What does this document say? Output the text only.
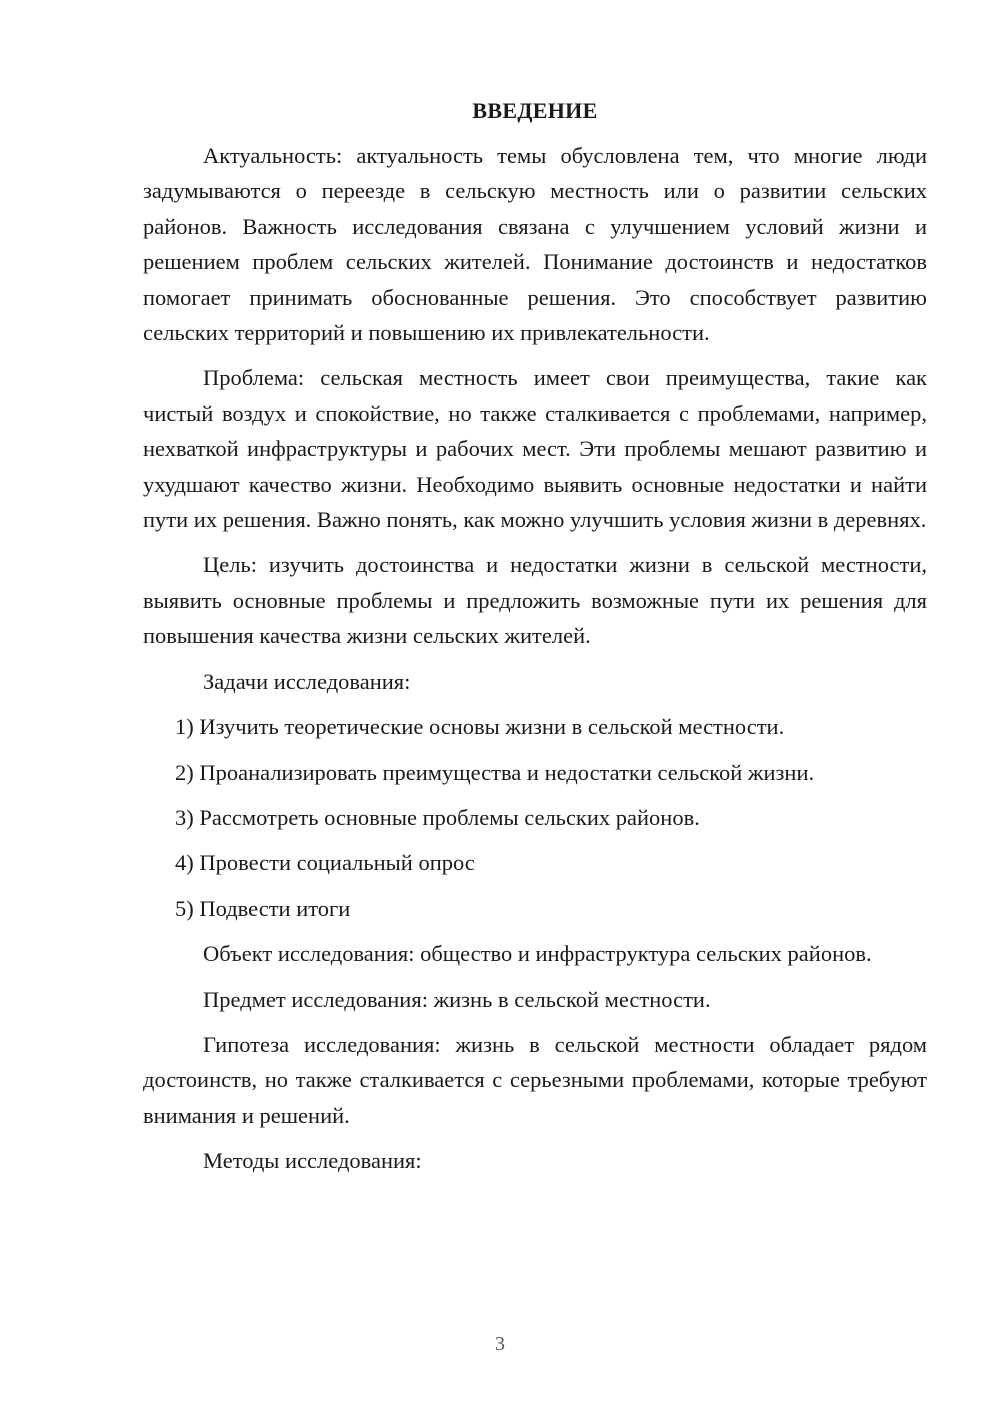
ВВЕДЕНИЕ

Актуальность: актуальность темы обусловлена тем, что многие люди задумываются о переезде в сельскую местность или о развитии сельских районов. Важность исследования связана с улучшением условий жизни и решением проблем сельских жителей. Понимание достоинств и недостатков помогает принимать обоснованные решения. Это способствует развитию сельских территорий и повышению их привлекательности.

Проблема: сельская местность имеет свои преимущества, такие как чистый воздух и спокойствие, но также сталкивается с проблемами, например, нехваткой инфраструктуры и рабочих мест. Эти проблемы мешают развитию и ухудшают качество жизни. Необходимо выявить основные недостатки и найти пути их решения. Важно понять, как можно улучшить условия жизни в деревнях.

Цель: изучить достоинства и недостатки жизни в сельской местности, выявить основные проблемы и предложить возможные пути их решения для повышения качества жизни сельских жителей.

Задачи исследования:

1) Изучить теоретические основы жизни в сельской местности.

2) Проанализировать преимущества и недостатки сельской жизни.

3) Рассмотреть основные проблемы сельских районов.

4) Провести социальный опрос

5) Подвести итоги

Объект исследования: общество и инфраструктура сельских районов.

Предмет исследования: жизнь в сельской местности.

Гипотеза исследования: жизнь в сельской местности обладает рядом достоинств, но также сталкивается с серьезными проблемами, которые требуют внимания и решений.

Методы исследования:

3
